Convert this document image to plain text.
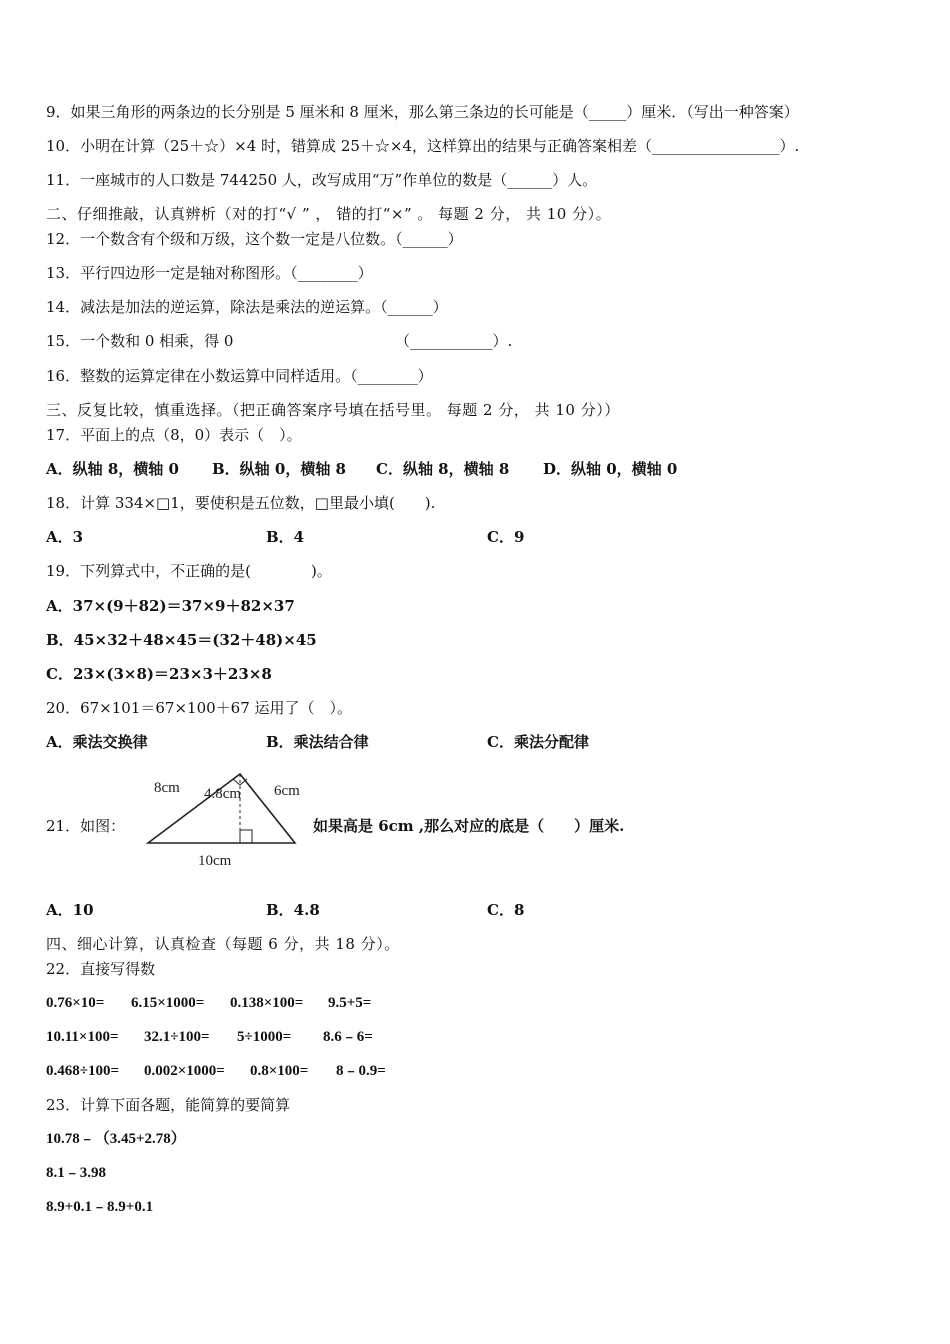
9．如果三角形的两条边的长分别是 5 厘米和 8 厘米，那么第三条边的长可能是（_____）厘米．（写出一种答案）
10．小明在计算（25＋☆）×4 时，错算成 25＋☆×4，这样算出的结果与正确答案相差（_________________）.
11．一座城市的人口数是 744250 人，改写成用“万”作单位的数是（______）人。
二、仔细推敲，认真辨析（对的打“√ ” ， 错的打“×” 。 每题 2 分， 共 10 分）。
12．一个数含有个级和万级，这个数一定是八位数。（______）
13．平行四边形一定是轴对称图形。（________）
14．减法是加法的逆运算，除法是乘法的逆运算。（______）
15．一个数和 0 相乘，得 0	（___________）.
16．整数的运算定律在小数运算中同样适用。（________）
三、反复比较，慎重选择。（把正确答案序号填在括号里。 每题 2 分， 共 10 分））
17．平面上的点（8，0）表示（　）。
A．纵轴 8，横轴 0 B．纵轴 0，横轴 8 C．纵轴 8，横轴 8 D．纵轴 0，横轴 0
18．计算 334×□1，要使积是五位数，□里最小填(　　).
A．3	B．4	C．9
19．下列算式中，不正确的是(　　　　)。
A．37×(9＋82)＝37×9＋82×37
B．45×32＋48×45＝(32＋48)×45
C．23×(3×8)＝23×3＋23×8
20．67×101＝67×100＋67 运用了（　）。
A．乘法交换律	B．乘法结合律	C．乘法分配律
21．如图：
8cm 4.8cm 6cm
10cm
如果高是 6cm ,那么对应的底是（　　）厘米.
A．10	B．4.8	C．8
四、细心计算，认真检查（每题 6 分，共 18 分）。
22．直接写得数
0.76×10= 6.15×1000= 0.138×100= 9.5+5=
10.11×100= 32.1÷100= 5÷1000= 8.6﹣6=
0.468÷100= 0.002×1000= 0.8×100= 8﹣0.9=
23．计算下面各题，能简算的要简算
10.78﹣（3.45+2.78）
8.1﹣3.98
8.9+0.1﹣8.9+0.1
